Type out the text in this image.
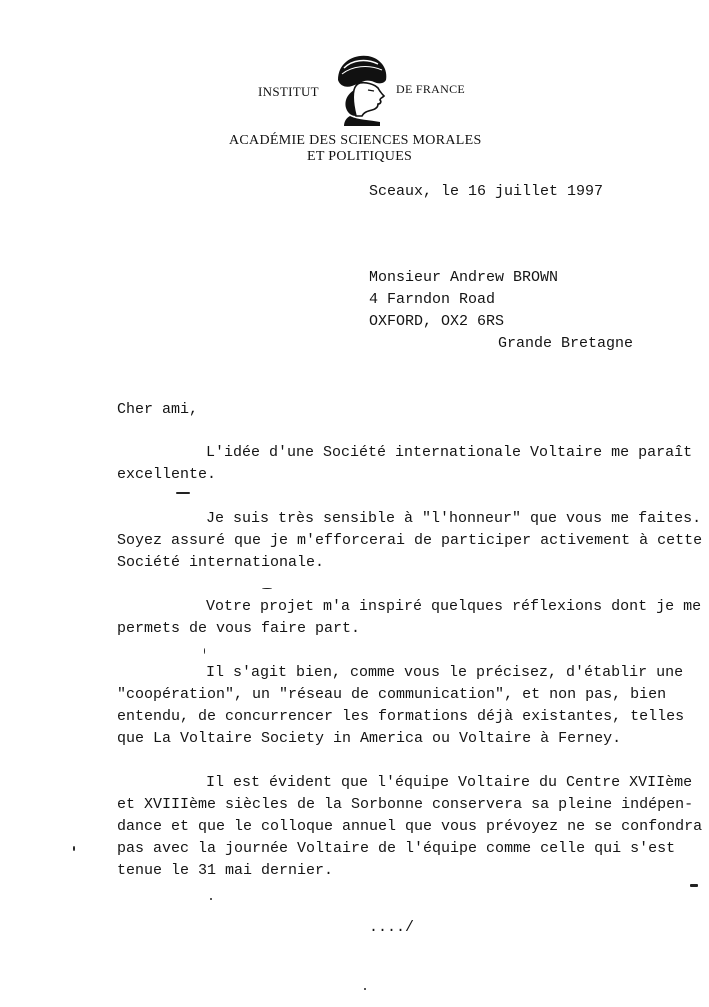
INSTITUT	DE FRANCE
ACADÉMIE DES SCIENCES MORALES
ET POLITIQUES
Sceaux, le 16 juillet 1997
Monsieur Andrew BROWN
4 Farndon Road
OXFORD, OX2 6RS
Grande Bretagne
Cher ami,
L'idée d'une Société internationale Voltaire me paraît
excellente.
Je suis très sensible à "l'honneur" que vous me faites.
Soyez assuré que je m'efforcerai de participer activement à cette
Société internationale.
Votre projet m'a inspiré quelques réflexions dont je me
permets de vous faire part.
Il s'agit bien, comme vous le précisez, d'établir une
"coopération", un "réseau de communication", et non pas, bien
entendu, de concurrencer les formations déjà existantes, telles
que La Voltaire Society in America ou Voltaire à Ferney.
Il est évident que l'équipe Voltaire du Centre XVIIème
et XVIIIème siècles de la Sorbonne conservera sa pleine indépen-
dance et que le colloque annuel que vous prévoyez ne se confondra
pas avec la journée Voltaire de l'équipe comme celle qui s'est
tenue le 31 mai dernier.
..../
